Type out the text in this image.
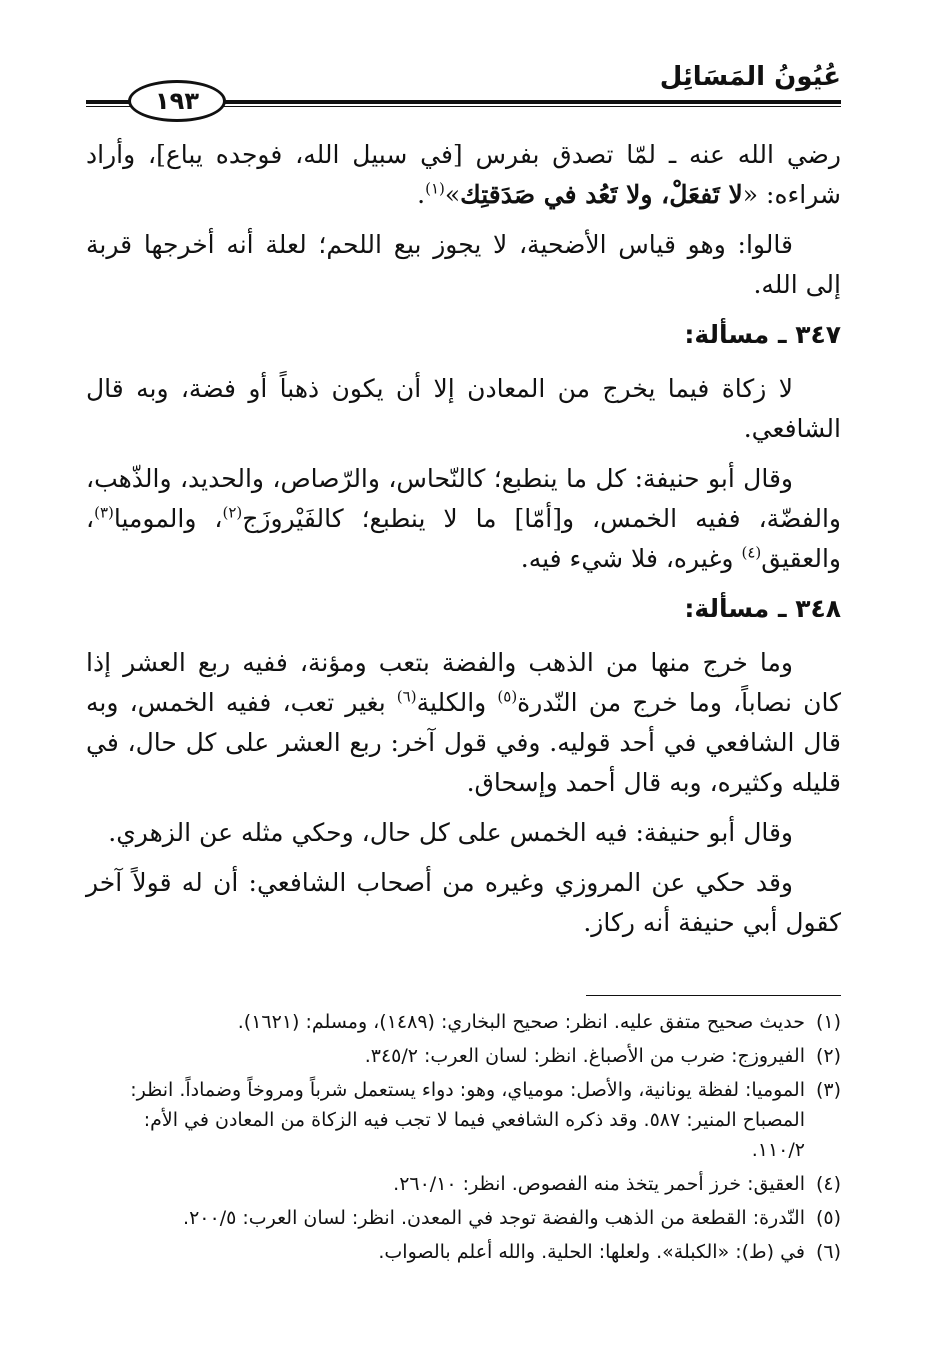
عُيُونُ المَسَائِل
١٩٣

رضي الله عنه ـ لمّا تصدق بفرس [في سبيل الله، فوجده يباع]، وأراد شراءه: «لا تَفعَلْ، ولا تَعُد في صَدَقتِك»$^{(١)}$.

قالوا: وهو قياس الأضحية، لا يجوز بيع اللحم؛ لعلة أنه أخرجها قربة إلى الله.

٣٤٧ ـ مسألة:

لا زكاة فيما يخرج من المعادن إلا أن يكون ذهباً أو فضة، وبه قال الشافعي.

وقال أبو حنيفة: كل ما ينطبع؛ كالنّحاس، والرّصاص، والحديد، والذّهب، والفضّة، ففيه الخمس، و[أمّا] ما لا ينطبع؛ كالفَيْروزَج$^{(٢)}$، والموميا$^{(٣)}$، والعقيق$^{(٤)}$ وغيره، فلا شيء فيه.

٣٤٨ ـ مسألة:

وما خرج منها من الذهب والفضة بتعب ومؤنة، ففيه ربع العشر إذا كان نصاباً، وما خرج من النّدرة$^{(٥)}$ والكلية$^{(٦)}$ بغير تعب، ففيه الخمس، وبه قال الشافعي في أحد قوليه. وفي قول آخر: ربع العشر على كل حال، في قليله وكثيره، وبه قال أحمد وإسحاق.

وقال أبو حنيفة: فيه الخمس على كل حال، وحكي مثله عن الزهري.

وقد حكي عن المروزي وغيره من أصحاب الشافعي: أن له قولاً آخر كقول أبي حنيفة أنه ركاز.

(١)
حديث صحيح متفق عليه. انظر: صحيح البخاري: (١٤٨٩)، ومسلم: (١٦٢١).
(٢)
الفيروزج: ضرب من الأصباغ. انظر: لسان العرب: ٣٤٥/٢.
(٣)
الموميا: لفظة يونانية، والأصل: مومياي، وهو: دواء يستعمل شرباً ومروخاً وضماداً. انظر: المصباح المنير: ٥٨٧. وقد ذكره الشافعي فيما لا تجب فيه الزكاة من المعادن في الأم: ١١٠/٢.
(٤)
العقيق: خرز أحمر يتخذ منه الفصوص. انظر: ٢٦٠/١٠.
(٥)
النّدرة: القطعة من الذهب والفضة توجد في المعدن. انظر: لسان العرب: ٢٠٠/٥.
(٦)
في (ط): «الكبلة». ولعلها: الحلية. والله أعلم بالصواب.
